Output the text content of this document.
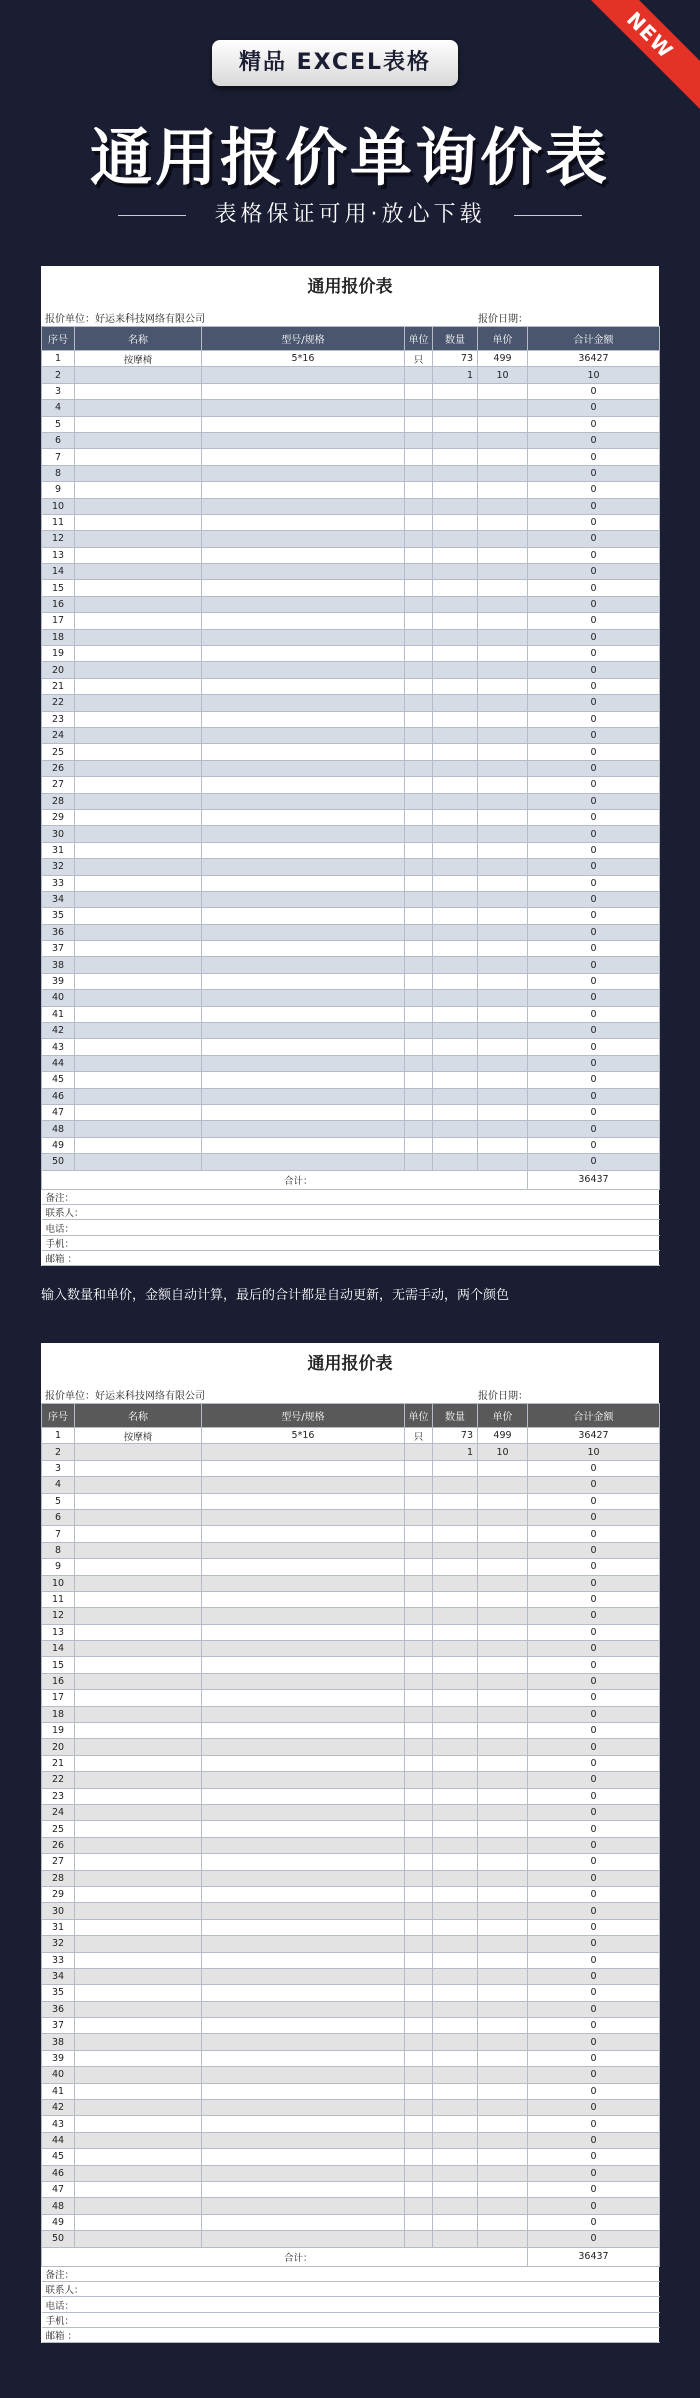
NEW
精品 EXCEL表格
通用报价单询价表
表格保证可用·放心下载
通用报价表
报价单位：好运来科技网络有限公司	报价日期：
序号	名称	型号/规格	单位	数量	单价	合计金额
1	按摩椅	5*16	只	73	499	36427
2				1	10	10
3						0
4						0
5						0
6						0
7						0
8						0
9						0
10						0
11						0
12						0
13						0
14						0
15						0
16						0
17						0
18						0
19						0
20						0
21						0
22						0
23						0
24						0
25						0
26						0
27						0
28						0
29						0
30						0
31						0
32						0
33						0
34						0
35						0
36						0
37						0
38						0
39						0
40						0
41						0
42						0
43						0
44						0
45						0
46						0
47						0
48						0
49						0
50						0
合计：						36437
备注：						
联系人：						
电话：						
手机：						
邮箱 ：						
输入数量和单价，金额自动计算，最后的合计都是自动更新，无需手动，两个颜色
通用报价表
报价单位：好运来科技网络有限公司	报价日期：
序号	名称	型号/规格	单位	数量	单价	合计金额
1	按摩椅	5*16	只	73	499	36427
2				1	10	10
3						0
4						0
5						0
6						0
7						0
8						0
9						0
10						0
11						0
12						0
13						0
14						0
15						0
16						0
17						0
18						0
19						0
20						0
21						0
22						0
23						0
24						0
25						0
26						0
27						0
28						0
29						0
30						0
31						0
32						0
33						0
34						0
35						0
36						0
37						0
38						0
39						0
40						0
41						0
42						0
43						0
44						0
45						0
46						0
47						0
48						0
49						0
50						0
合计：						36437
备注：						
联系人：						
电话：						
手机：						
邮箱 ：						
